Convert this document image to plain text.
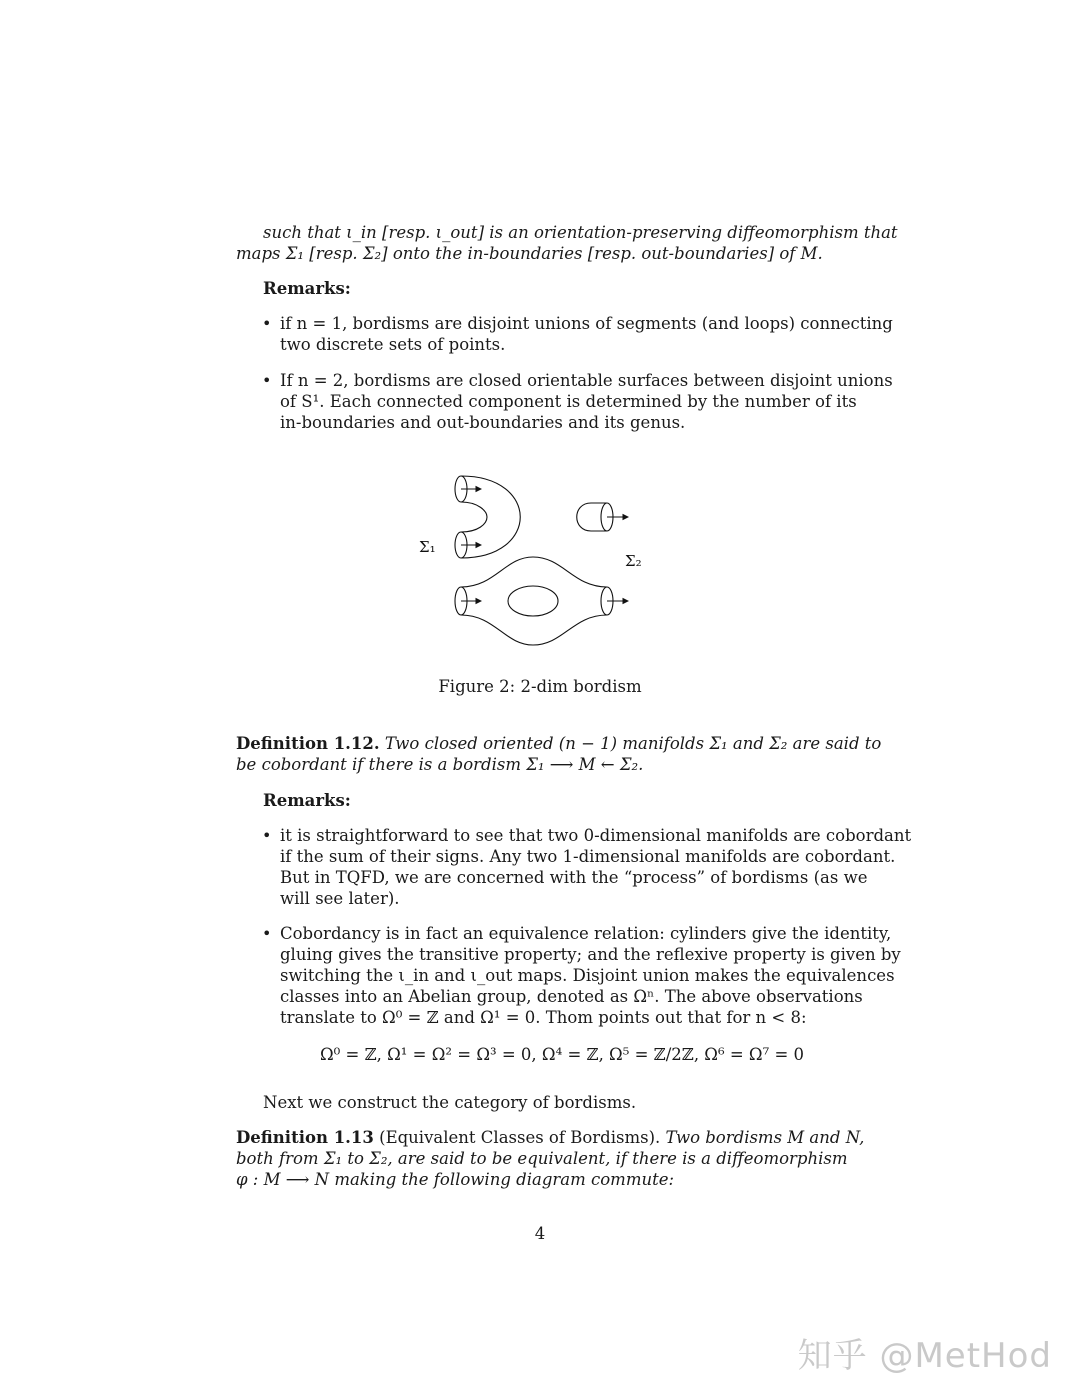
such that ι_in [resp. ι_out] is an orientation-preserving diffeomorphism that
maps Σ₁ [resp. Σ₂] onto the in-boundaries [resp. out-boundaries] of M.
Remarks:
• if n = 1, bordisms are disjoint unions of segments (and loops) connecting
two discrete sets of points.
• If n = 2, bordisms are closed orientable surfaces between disjoint unions
of S¹. Each connected component is determined by the number of its
in-boundaries and out-boundaries and its genus.
Σ₁
Σ₂
Figure 2: 2-dim bordism
Definition 1.12. Two closed oriented (n − 1) manifolds Σ₁ and Σ₂ are said to
be cobordant if there is a bordism Σ₁ ⟶ M ← Σ₂.
Remarks:
• it is straightforward to see that two 0-dimensional manifolds are cobordant
if the sum of their signs. Any two 1-dimensional manifolds are cobordant.
But in TQFD, we are concerned with the “process” of bordisms (as we
will see later).
• Cobordancy is in fact an equivalence relation: cylinders give the identity,
gluing gives the transitive property; and the reflexive property is given by
switching the ι_in and ι_out maps. Disjoint union makes the equivalences
classes into an Abelian group, denoted as Ωⁿ. The above observations
translate to Ω⁰ = ℤ and Ω¹ = 0. Thom points out that for n < 8:
Ω⁰ = ℤ, Ω¹ = Ω² = Ω³ = 0, Ω⁴ = ℤ, Ω⁵ = ℤ/2ℤ, Ω⁶ = Ω⁷ = 0
Next we construct the category of bordisms.
Definition 1.13 (Equivalent Classes of Bordisms). Two bordisms M and N,
both from Σ₁ to Σ₂, are said to be equivalent, if there is a diffeomorphism
φ : M ⟶ N making the following diagram commute:
4
知乎 @MetHod
